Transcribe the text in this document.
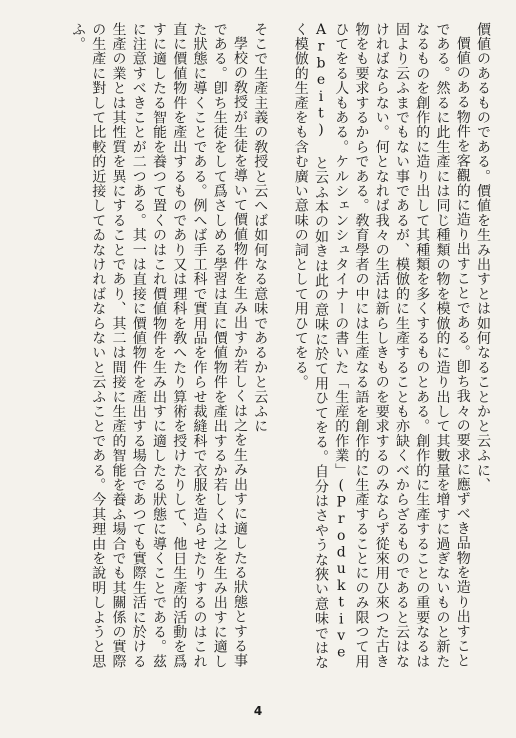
價値のあるものである。價値を生み出すとは如何なることかと云ふに、

價値のある物件を客觀的に造り出すことである。卽ち我々の要求に應ずべき品物を造り出すことである。然るに此生產には同じ種類の物を模倣的に造り出して其數量を增すに過ぎないものと新たなるものを創作的に造り出して其種類を多くするものとある。創作的に生產することの重要なるは固より云ふまでもない事であるが、模倣的に生產することも亦缺くべからざるものであると云はなければならない。何となれば我々の生活は新らしきものを要求するのみならず從來用ひ來つた古き物をも要求するからである。敎育學者の中には生產なる語を創作的に生產することにのみ限つて用ひてをる人もある。ケルシェンシュタイナーの書いた「生産的作業」(Produktive Arbeit) と云ふ本の如きは此の意味に於て用ひてをる。自分はさやうな狹い意味ではなく模倣的生產をも含む廣い意味の詞として用ひてをる。

そこで生產主義の敎授と云へば如何なる意味であるかと云ふに

學校の敎授が生徒を導いて價値物件を生み出すか若しくは之を生み出すに適したる狀態とする事である。卽ち生徒をして爲さしめる學習は直に價値物件を產出するか若しくは之を生み出すに適した狀態に導くことである。例へば手工科で實用品を作らせ裁縫科で衣服を造らせたりするのはこれ直に價値物件を產出するものであり又は理科を敎へたり算術を授けたりして、他日生產的活動を爲すに適したる智能を養つて置くのはこれ價値物件を生み出すに適したる狀態に導くことである。茲に注意すべきことが二つある。其一は直接に價値物件を產出する場合であつても實際生活に於ける生產の業とは其性質を異にすることであり、其二は間接に生產的智能を養ふ場合でも其關係の實際の生產に對して比較的近接してゐなければならないと云ふことである。今其理由を說明しようと思ふ。

4
